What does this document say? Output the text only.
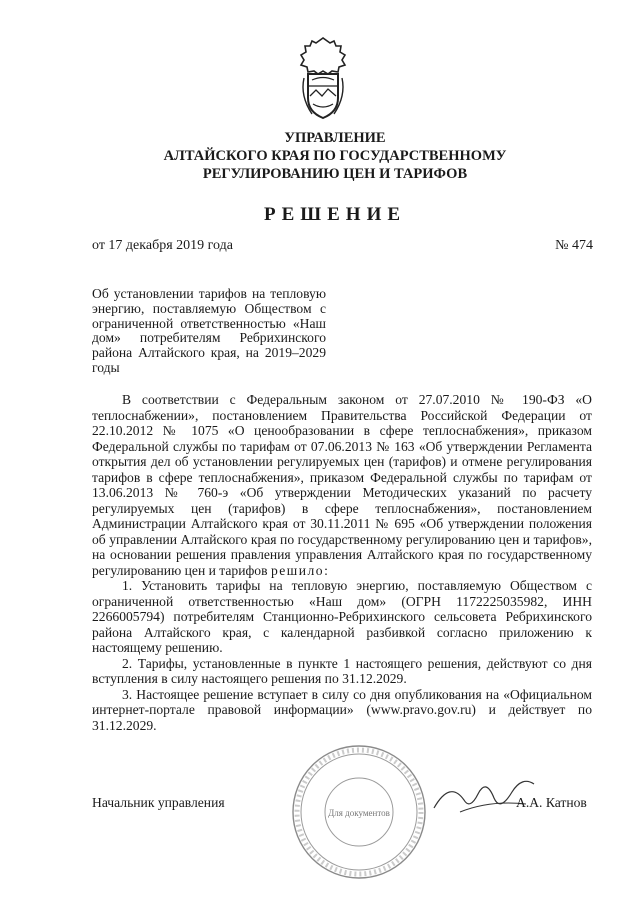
УПРАВЛЕНИЕ
АЛТАЙСКОГО КРАЯ ПО ГОСУДАРСТВЕННОМУ
РЕГУЛИРОВАНИЮ ЦЕН И ТАРИФОВ
РЕШЕНИЕ
от 17 декабря 2019 года	№ 474
Об установлении тарифов на тепловую энергию, поставляемую Обществом с ограниченной ответственностью «Наш дом» потребителям Ребрихинского района Алтайского края, на 2019–2029 годы

В соответствии с Федеральным законом от 27.07.2010 № 190-ФЗ «О теплоснабжении», постановлением Правительства Российской Федерации от 22.10.2012 № 1075 «О ценообразовании в сфере теплоснабжения», приказом Федеральной службы по тарифам от 07.06.2013 № 163 «Об утверждении Регламента открытия дел об установлении регулируемых цен (тарифов) и отмене регулирования тарифов в сфере теплоснабжения», приказом Федеральной службы по тарифам от 13.06.2013 № 760-э «Об утверждении Методических указаний по расчету регулируемых цен (тарифов) в сфере теплоснабжения», постановлением Администрации Алтайского края от 30.11.2011 № 695 «Об утверждении положения об управлении Алтайского края по государственному регулированию цен и тарифов», на основании решения правления управления Алтайского края по государственному регулированию цен и тарифов решило:

1. Установить тарифы на тепловую энергию, поставляемую Обществом с ограниченной ответственностью «Наш дом» (ОГРН 1172225035982, ИНН 2266005794) потребителям Станционно-Ребрихинского сельсовета Ребрихинского района Алтайского края, с календарной разбивкой согласно приложению к настоящему решению.

2. Тарифы, установленные в пункте 1 настоящего решения, действуют со дня вступления в силу настоящего решения по 31.12.2029.

3. Настоящее решение вступает в силу со дня опубликования на «Официальном интернет-портале правовой информации» (www.pravo.gov.ru) и действует по 31.12.2029.

Для документов
Начальник управления	А.А. Катнов
